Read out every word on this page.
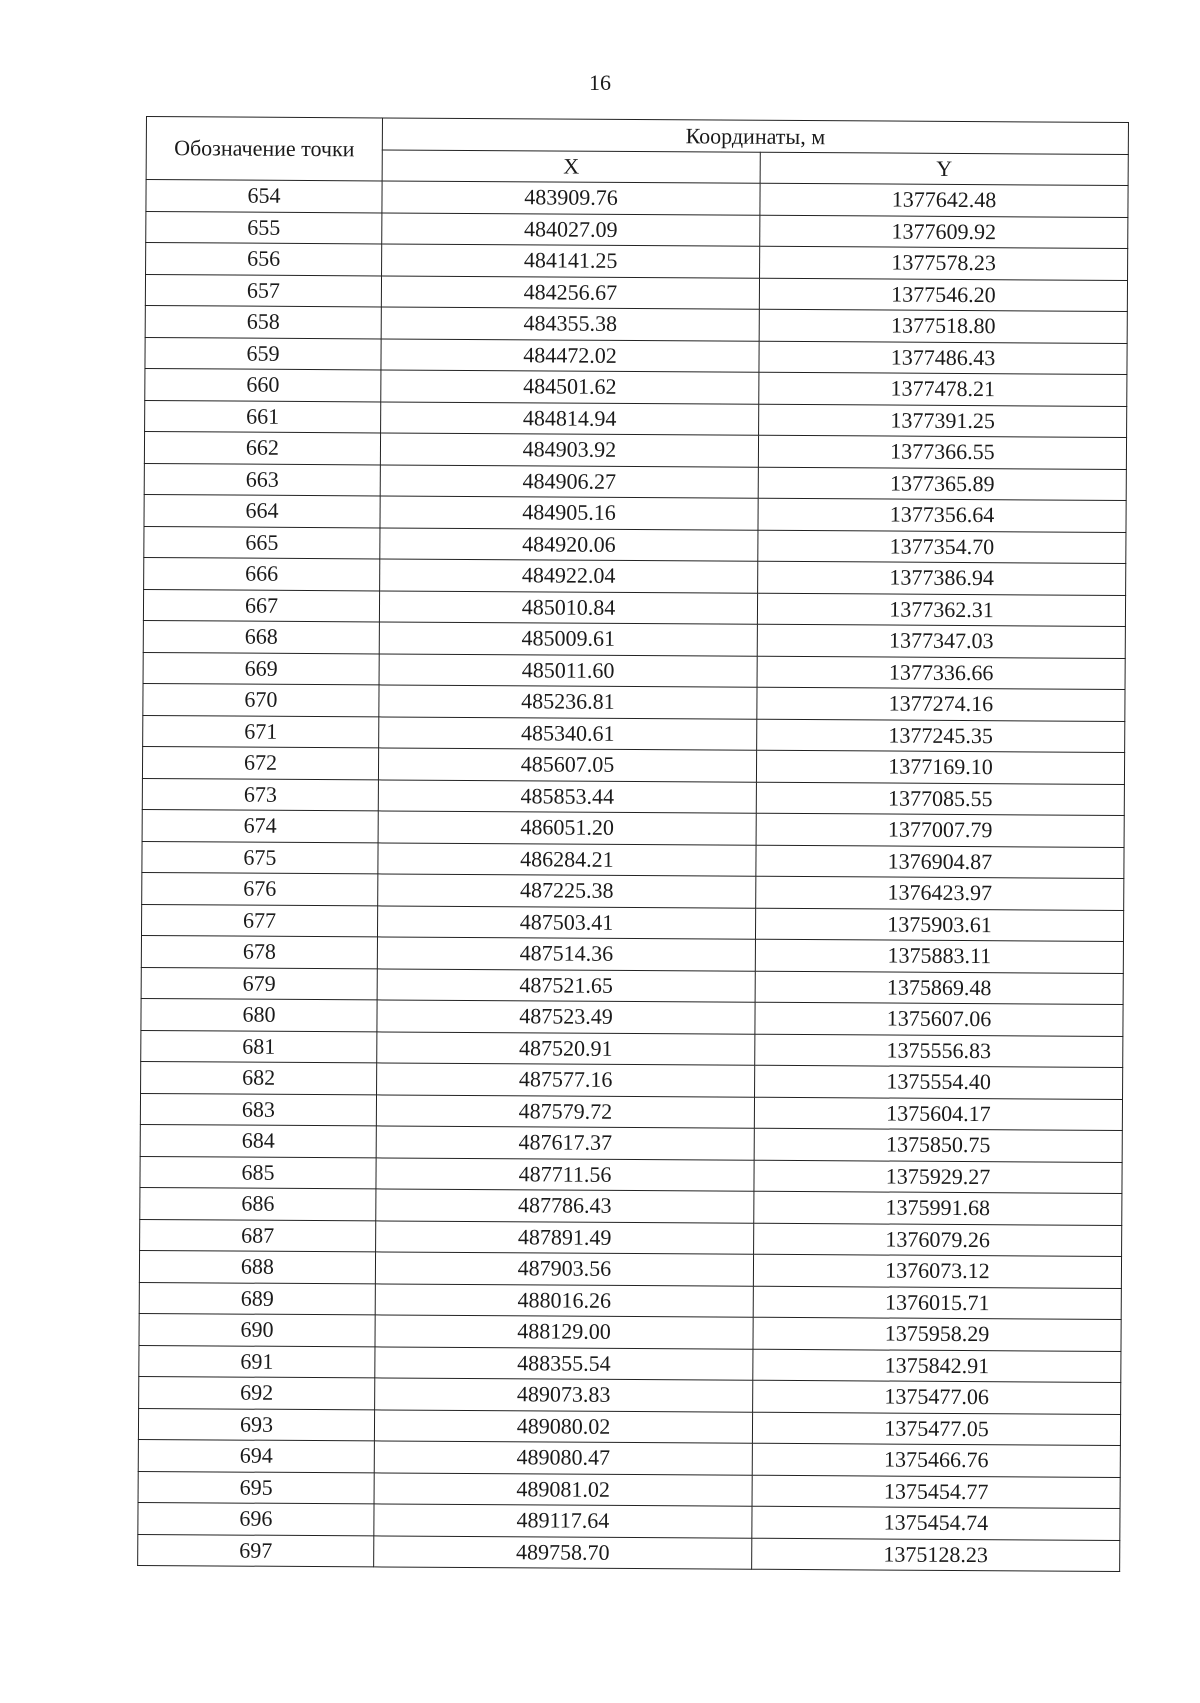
16
Обозначение точки	Координаты, м	
	X	Y
654	483909.76	1377642.48
655	484027.09	1377609.92
656	484141.25	1377578.23
657	484256.67	1377546.20
658	484355.38	1377518.80
659	484472.02	1377486.43
660	484501.62	1377478.21
661	484814.94	1377391.25
662	484903.92	1377366.55
663	484906.27	1377365.89
664	484905.16	1377356.64
665	484920.06	1377354.70
666	484922.04	1377386.94
667	485010.84	1377362.31
668	485009.61	1377347.03
669	485011.60	1377336.66
670	485236.81	1377274.16
671	485340.61	1377245.35
672	485607.05	1377169.10
673	485853.44	1377085.55
674	486051.20	1377007.79
675	486284.21	1376904.87
676	487225.38	1376423.97
677	487503.41	1375903.61
678	487514.36	1375883.11
679	487521.65	1375869.48
680	487523.49	1375607.06
681	487520.91	1375556.83
682	487577.16	1375554.40
683	487579.72	1375604.17
684	487617.37	1375850.75
685	487711.56	1375929.27
686	487786.43	1375991.68
687	487891.49	1376079.26
688	487903.56	1376073.12
689	488016.26	1376015.71
690	488129.00	1375958.29
691	488355.54	1375842.91
692	489073.83	1375477.06
693	489080.02	1375477.05
694	489080.47	1375466.76
695	489081.02	1375454.77
696	489117.64	1375454.74
697	489758.70	1375128.23
